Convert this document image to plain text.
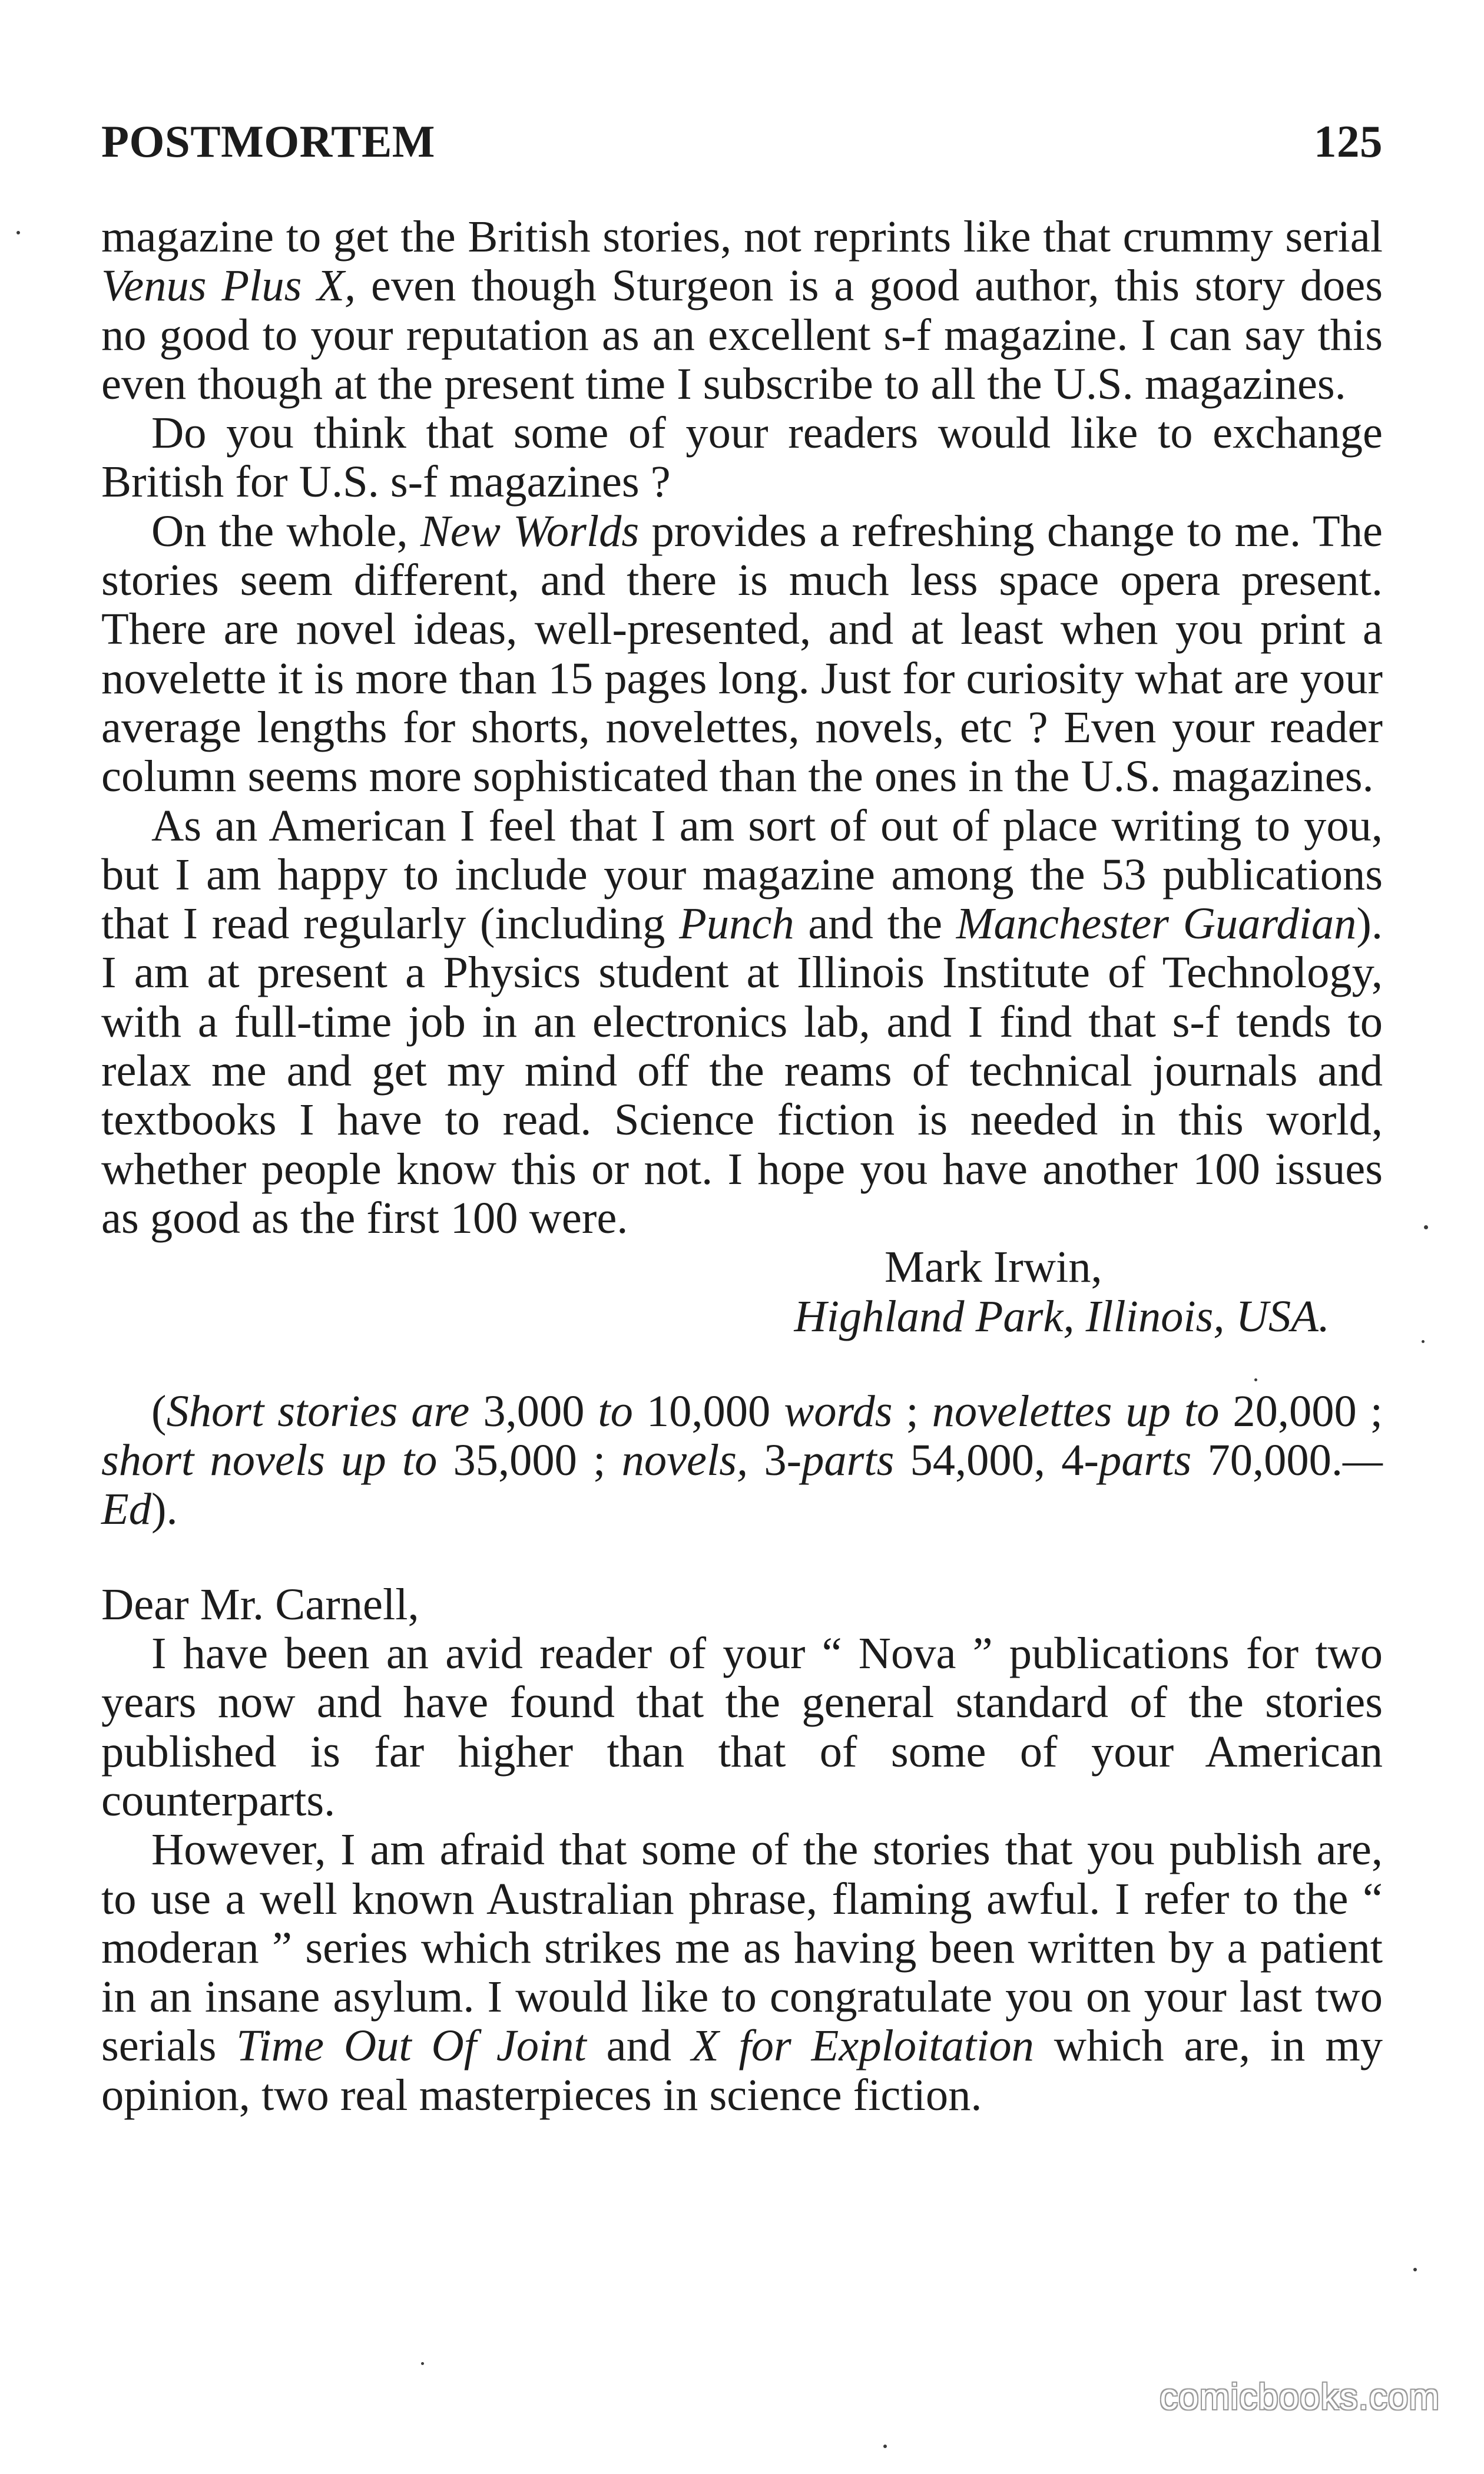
POSTMORTEM	125

magazine to get the British stories, not reprints like that crummy serial Venus Plus X, even though Sturgeon is a good author, this story does no good to your reputation as an excellent s-f magazine. I can say this even though at the present time I subscribe to all the U.S. magazines.

Do you think that some of your readers would like to exchange British for U.S. s-f magazines ?

On the whole, New Worlds provides a refreshing change to me. The stories seem different, and there is much less space opera present. There are novel ideas, well-presented, and at least when you print a novelette it is more than 15 pages long. Just for curiosity what are your average lengths for shorts, novelettes, novels, etc ? Even your reader column seems more sophisticated than the ones in the U.S. magazines.

As an American I feel that I am sort of out of place writing to you, but I am happy to include your magazine among the 53 publications that I read regularly (including Punch and the Manchester Guardian). I am at present a Physics student at Illinois Institute of Technology, with a full-time job in an electronics lab, and I find that s-f tends to relax me and get my mind off the reams of technical journals and textbooks I have to read. Science fiction is needed in this world, whether people know this or not. I hope you have another 100 issues as good as the first 100 were.

Mark Irwin,

Highland Park, Illinois, USA.

(Short stories are 3,000 to 10,000 words ; novelettes up to 20,000 ; short novels up to 35,000 ; novels, 3-parts 54,000, 4-parts 70,000.—Ed).

Dear Mr. Carnell,

I have been an avid reader of your “ Nova ” publications for two years now and have found that the general standard of the stories published is far higher than that of some of your American counterparts.

However, I am afraid that some of the stories that you publish are, to use a well known Australian phrase, flaming awful. I refer to the “ moderan ” series which strikes me as having been written by a patient in an insane asylum. I would like to congratulate you on your last two serials Time Out Of Joint and X for Exploitation which are, in my opinion, two real masterpieces in science fiction.

comicbooks.com
